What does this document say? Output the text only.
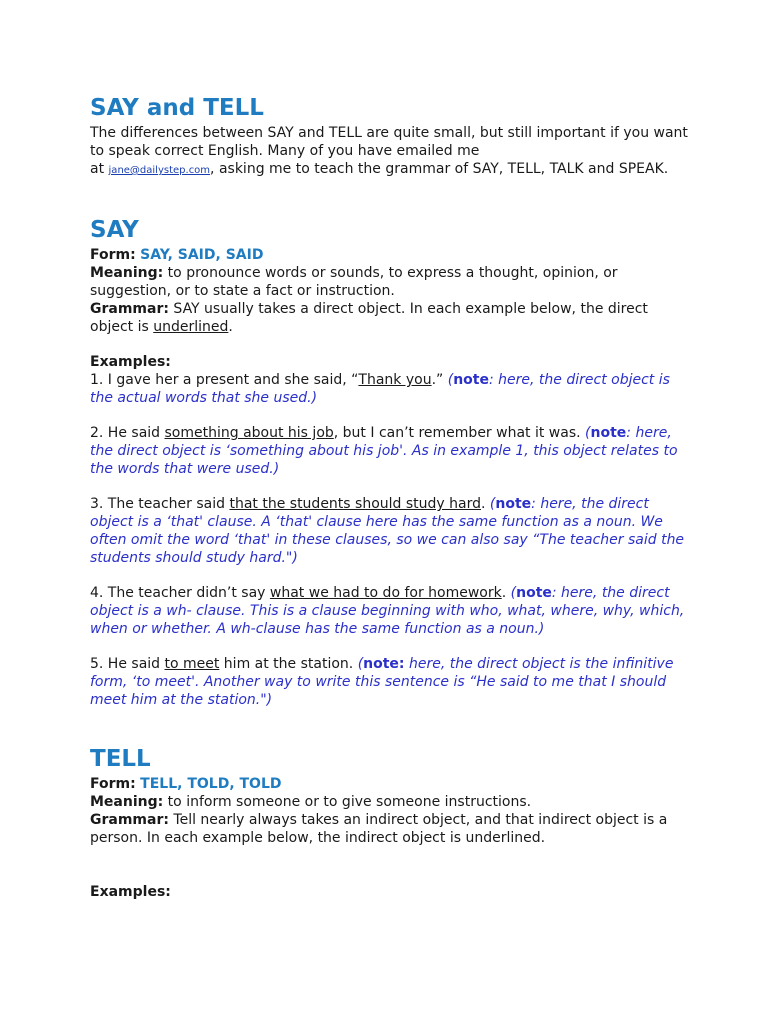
SAY and TELL

The differences between SAY and TELL are quite small, but still important if you want to speak correct English. Many of you have emailed me
at jane@dailystep.com, asking me to teach the grammar of SAY, TELL, TALK and SPEAK.

SAY

Form: SAY, SAID, SAID

Meaning: to pronounce words or sounds, to express a thought, opinion, or suggestion, or to state a fact or instruction.

Grammar: SAY usually takes a direct object. In each example below, the direct object is underlined.

Examples:

1. I gave her a present and she said, “Thank you.” (note: here, the direct object is the actual words that she used.)

2. He said something about his job, but I can’t remember what it was. (note: here, the direct object is ‘something about his job'. As in example 1, this object relates to the words that were used.)

3. The teacher said that the students should study hard. (note: here, the direct object is a ‘that' clause. A ‘that' clause here has the same function as a noun. We often omit the word ‘that' in these clauses, so we can also say “The teacher said the students should study hard.")

4. The teacher didn’t say what we had to do for homework. (note: here, the direct object is a wh- clause. This is a clause beginning with who, what, where, why, which, when or whether. A wh-clause has the same function as a noun.)

5. He said to meet him at the station. (note: here, the direct object is the infinitive form, ‘to meet'. Another way to write this sentence is “He said to me that I should meet him at the station.")

TELL

Form: TELL, TOLD, TOLD

Meaning: to inform someone or to give someone instructions.

Grammar: Tell nearly always takes an indirect object, and that indirect object is a person. In each example below, the indirect object is underlined.

Examples:
